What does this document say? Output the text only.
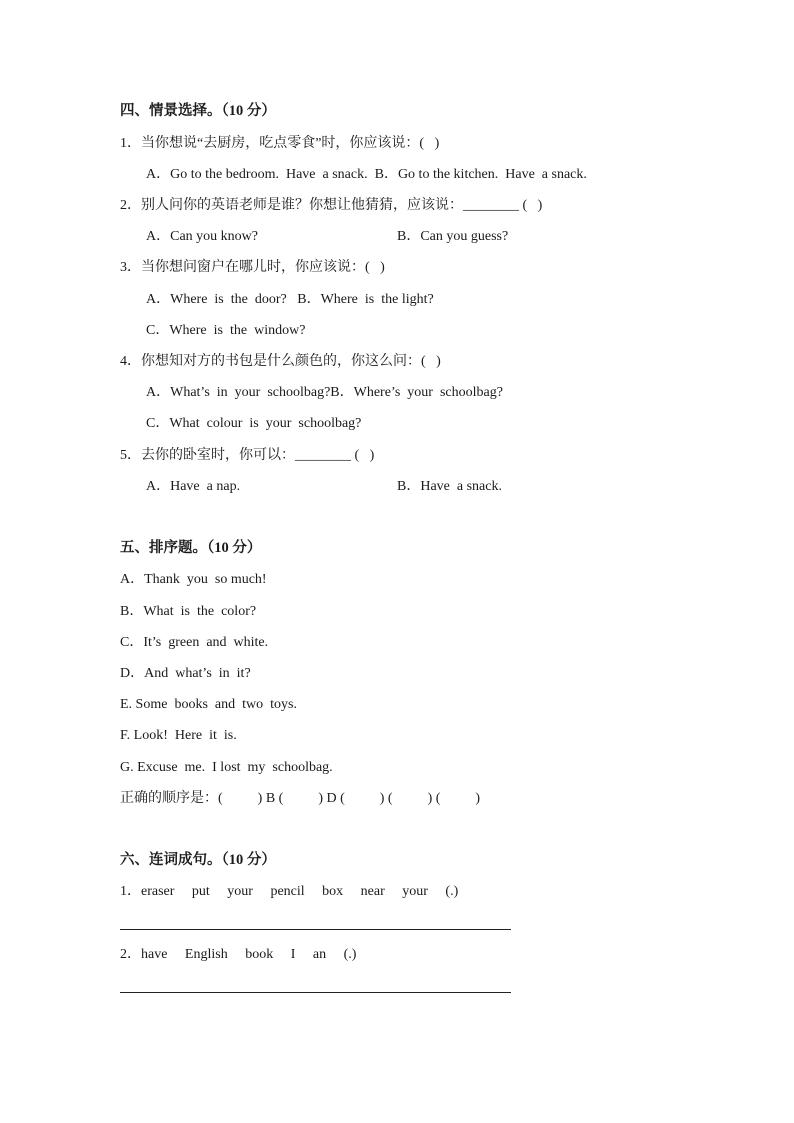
四、情景选择。（10 分）
1．当你想说“去厨房，吃点零食”时，你应该说：(   )
A．Go to the bedroom.  Have  a snack.  B．Go to the kitchen.  Have  a snack.
2．别人问你的英语老师是谁？你想让他猜猜，应该说：________ (   )
A．Can you know?	B．Can you guess?
3．当你想问窗户在哪儿时，你应该说：(   )
A．Where  is  the  door?   B．Where  is  the light?
C．Where  is  the  window?
4．你想知对方的书包是什么颜色的，你这么问：(   )
A．What’s  in  your  schoolbag?B．Where’s  your  schoolbag?
C．What  colour  is  your  schoolbag?
5．去你的卧室时，你可以：________ (   )
A．Have  a nap.	B．Have  a snack.
五、排序题。（10 分）
A．Thank  you  so much!
B．What  is  the  color?
C．It’s  green  and  white.
D．And  what’s  in  it?
E. Some  books  and  two  toys.
F. Look!  Here  it  is.
G. Excuse  me.  I lost  my  schoolbag.
正确的顺序是：(          ) B (          ) D (          ) (          ) (          )
六、连词成句。（10 分）
1．eraser     put     your     pencil     box     near     your     (.)
2．have     English     book     I     an     (.)
